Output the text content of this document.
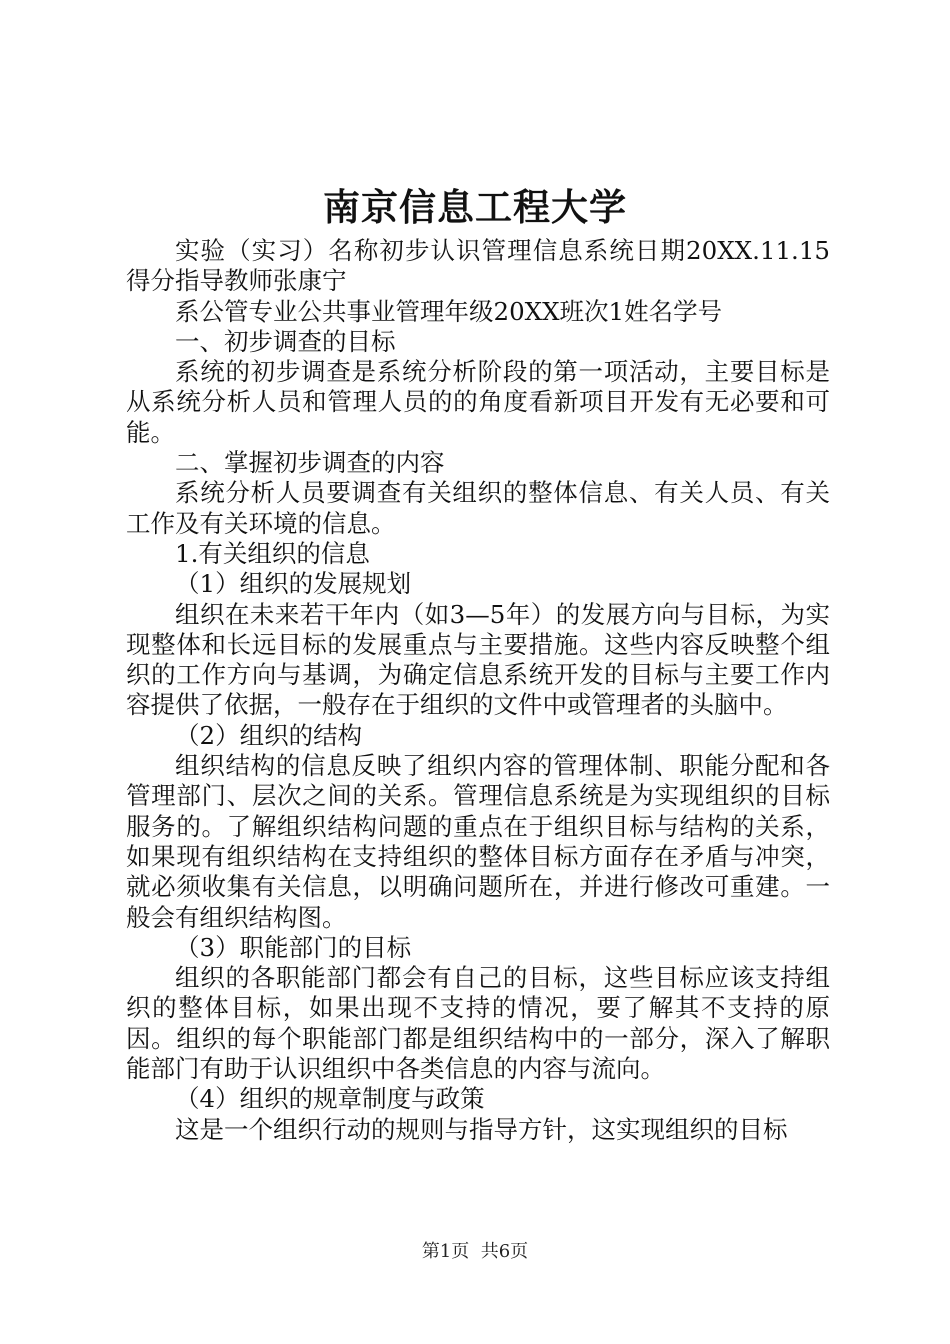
南京信息工程大学

实验（实习）名称初步认识管理信息系统日期20XX.11.15得分指导教师张康宁

系公管专业公共事业管理年级20XX班次1姓名学号

一、初步调查的目标

系统的初步调查是系统分析阶段的第一项活动，主要目标是从系统分析人员和管理人员的的角度看新项目开发有无必要和可能。

二、掌握初步调查的内容

系统分析人员要调查有关组织的整体信息、有关人员、有关工作及有关环境的信息。

1.有关组织的信息

（1）组织的发展规划

组织在未来若干年内（如3—5年）的发展方向与目标，为实现整体和长远目标的发展重点与主要措施。这些内容反映整个组织的工作方向与基调，为确定信息系统开发的目标与主要工作内容提供了依据，一般存在于组织的文件中或管理者的头脑中。

（2）组织的结构

组织结构的信息反映了组织内容的管理体制、职能分配和各管理部门、层次之间的关系。管理信息系统是为实现组织的目标服务的。了解组织结构问题的重点在于组织目标与结构的关系，如果现有组织结构在支持组织的整体目标方面存在矛盾与冲突，就必须收集有关信息，以明确问题所在，并进行修改可重建。一般会有组织结构图。

（3）职能部门的目标

组织的各职能部门都会有自己的目标，这些目标应该支持组织的整体目标，如果出现不支持的情况，要了解其不支持的原因。组织的每个职能部门都是组织结构中的一部分，深入了解职能部门有助于认识组织中各类信息的内容与流向。

（4）组织的规章制度与政策

这是一个组织行动的规则与指导方针，这实现组织的目标

第1页 共6页
